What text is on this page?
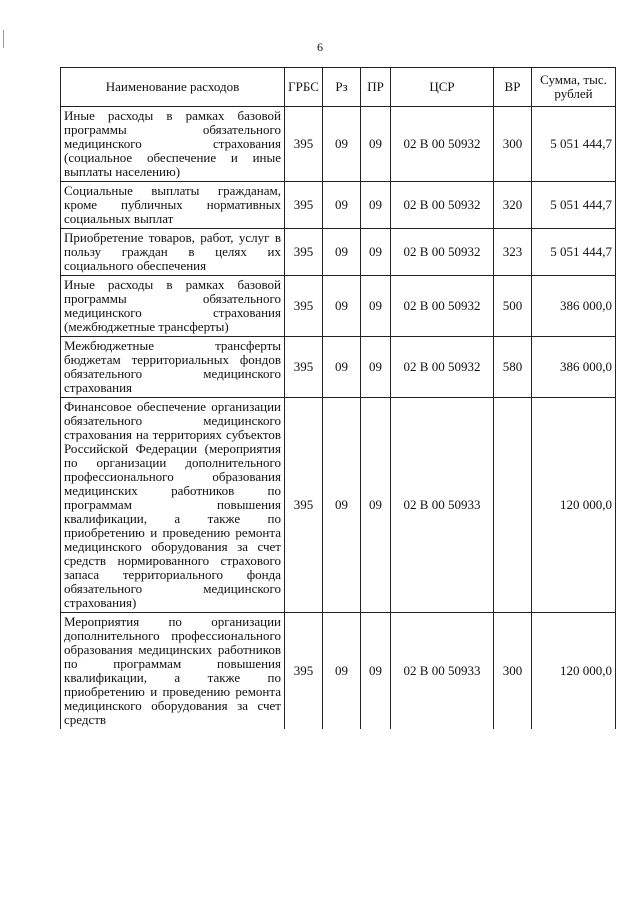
6
Наименование расходов	ГРБС	Рз	ПР	ЦСР	ВР	Сумма, тыс. рублей
Иные расходы в рамках базовой программы обязательного медицинского страхования (социальное обеспечение и иные выплаты населению)	395	09	09	02 В 00 50932	300	5 051 444,7
Социальные выплаты гражданам, кроме публичных нормативных социальных выплат	395	09	09	02 В 00 50932	320	5 051 444,7
Приобретение товаров, работ, услуг в пользу граждан в целях их социального обеспечения	395	09	09	02 В 00 50932	323	5 051 444,7
Иные расходы в рамках базовой программы обязательного медицинского страхования (межбюджетные трансферты)	395	09	09	02 В 00 50932	500	386 000,0
Межбюджетные трансферты бюджетам территориальных фондов обязательного медицинского страхования	395	09	09	02 В 00 50932	580	386 000,0
Финансовое обеспечение организации обязательного медицинского страхования на территориях субъектов Российской Федерации (мероприятия по организации дополнительного профессионального образования медицинских работников по программам повышения квалификации, а также по приобретению и проведению ремонта медицинского оборудования за счет средств нормированного страхового запаса территориального фонда обязательного медицинского страхования)	395	09	09	02 В 00 50933		120 000,0
Мероприятия по организации дополнительного профессионального образования медицинских работников по программам повышения квалификации, а также по приобретению и проведению ремонта медицинского оборудования за счет средств	395	09	09	02 В 00 50933	300	120 000,0
